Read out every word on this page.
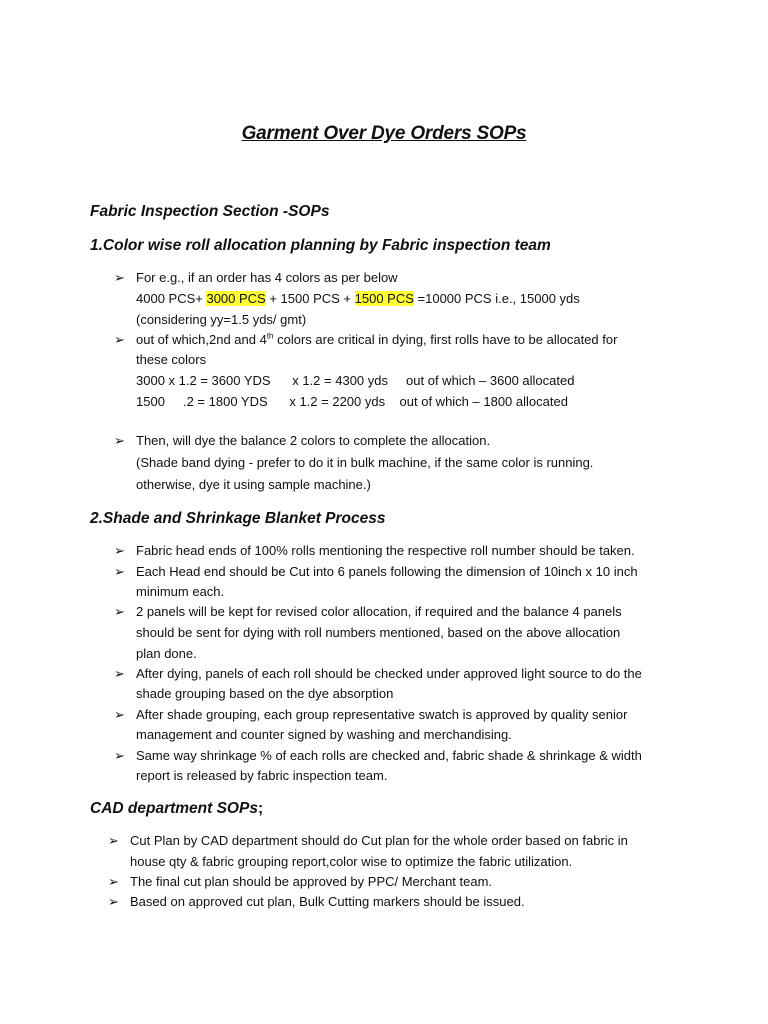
Garment Over Dye Orders SOPs
Fabric Inspection Section -SOPs
1.Color wise roll allocation planning by Fabric inspection team
➢ For e.g., if an order has 4 colors as per below
4000 PCS+ 3000 PCS + 1500 PCS + 1500 PCS =10000 PCS i.e., 15000 yds
(considering yy=1.5 yds/ gmt)
➢ out of which,2nd and 4th colors are critical in dying, first rolls have to be allocated for
these colors
3000 x 1.2 = 3600 YDS      x 1.2 = 4300 yds     out of which – 3600 allocated
1500     .2 = 1800 YDS      x 1.2 = 2200 yds    out of which – 1800 allocated
➢ Then, will dye the balance 2 colors to complete the allocation.
(Shade band dying - prefer to do it in bulk machine, if the same color is running.
otherwise, dye it using sample machine.)
2.Shade and Shrinkage Blanket Process
➢ Fabric head ends of 100% rolls mentioning the respective roll number should be taken.
➢ Each Head end should be Cut into 6 panels following the dimension of 10inch x 10 inch
minimum each.
➢ 2 panels will be kept for revised color allocation, if required and the balance 4 panels
should be sent for dying with roll numbers mentioned, based on the above allocation
plan done.
➢ After dying, panels of each roll should be checked under approved light source to do the
shade grouping based on the dye absorption
➢ After shade grouping, each group representative swatch is approved by quality senior
management and counter signed by washing and merchandising.
➢ Same way shrinkage % of each rolls are checked and, fabric shade & shrinkage & width
report is released by fabric inspection team.
CAD department SOPs;
➢ Cut Plan by CAD department should do Cut plan for the whole order based on fabric in
house qty & fabric grouping report,color wise to optimize the fabric utilization.
➢ The final cut plan should be approved by PPC/ Merchant team.
➢ Based on approved cut plan, Bulk Cutting markers should be issued.
